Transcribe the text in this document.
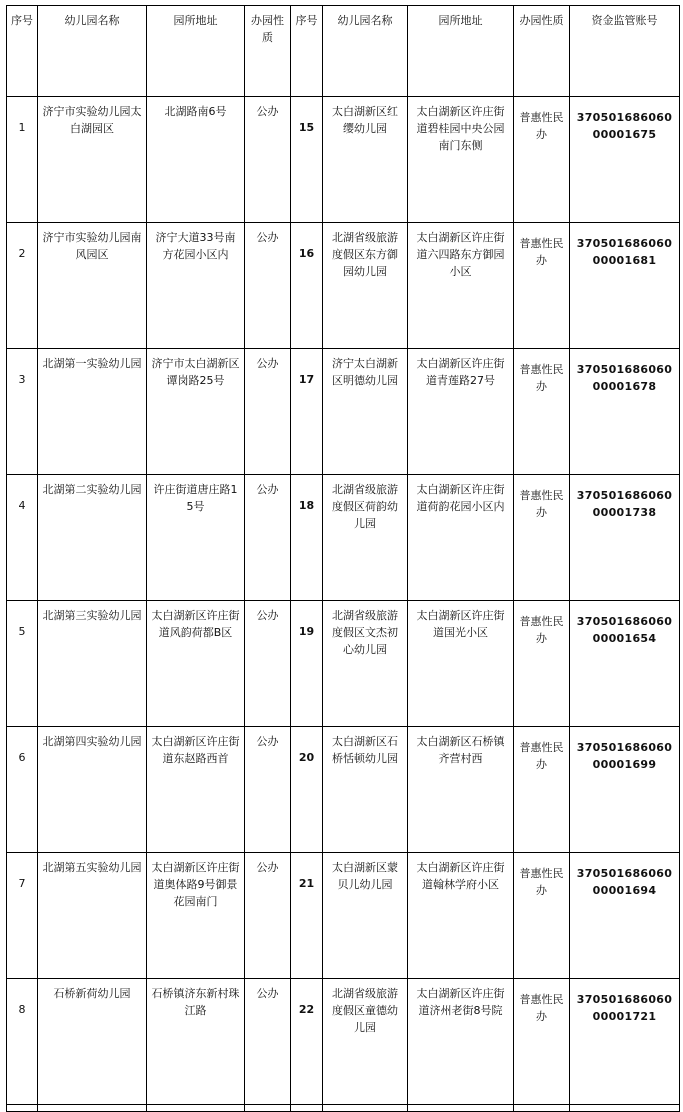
序号	幼儿园名称	园所地址	办园性质	序号	幼儿园名称	园所地址	办园性质	资金监管账号
1	济宁市实验幼儿园太白湖园区	北湖路南6号	公办	15	太白湖新区红缨幼儿园	太白湖新区许庄街道碧桂园中央公园南门东侧	普惠性民办	37050168606000001675
2	济宁市实验幼儿园南风园区	济宁大道33号南方花园小区内	公办	16	北湖省级旅游度假区东方御园幼儿园	太白湖新区许庄街道六四路东方御园小区	普惠性民办	37050168606000001681
3	北湖第一实验幼儿园	济宁市太白湖新区谭岗路25号	公办	17	济宁太白湖新区明德幼儿园	太白湖新区许庄街道青莲路27号	普惠性民办	37050168606000001678
4	北湖第二实验幼儿园	许庄街道唐庄路15号	公办	18	北湖省级旅游度假区荷韵幼儿园	太白湖新区许庄街道荷韵花园小区内	普惠性民办	37050168606000001738
5	北湖第三实验幼儿园	太白湖新区许庄街道风韵荷都B区	公办	19	北湖省级旅游度假区文杰初心幼儿园	太白湖新区许庄街道国光小区	普惠性民办	37050168606000001654
6	北湖第四实验幼儿园	太白湖新区许庄街道东赵路西首	公办	20	太白湖新区石桥恬顿幼儿园	太白湖新区石桥镇齐营村西	普惠性民办	37050168606000001699
7	北湖第五实验幼儿园	太白湖新区许庄街道奥体路9号御景花园南门	公办	21	太白湖新区蒙贝儿幼儿园	太白湖新区许庄街道翰林学府小区	普惠性民办	37050168606000001694
8	石桥新荷幼儿园	石桥镇济东新村珠江路	公办	22	北湖省级旅游度假区童德幼儿园	太白湖新区许庄街道济州老街8号院	普惠性民办	37050168606000001721
